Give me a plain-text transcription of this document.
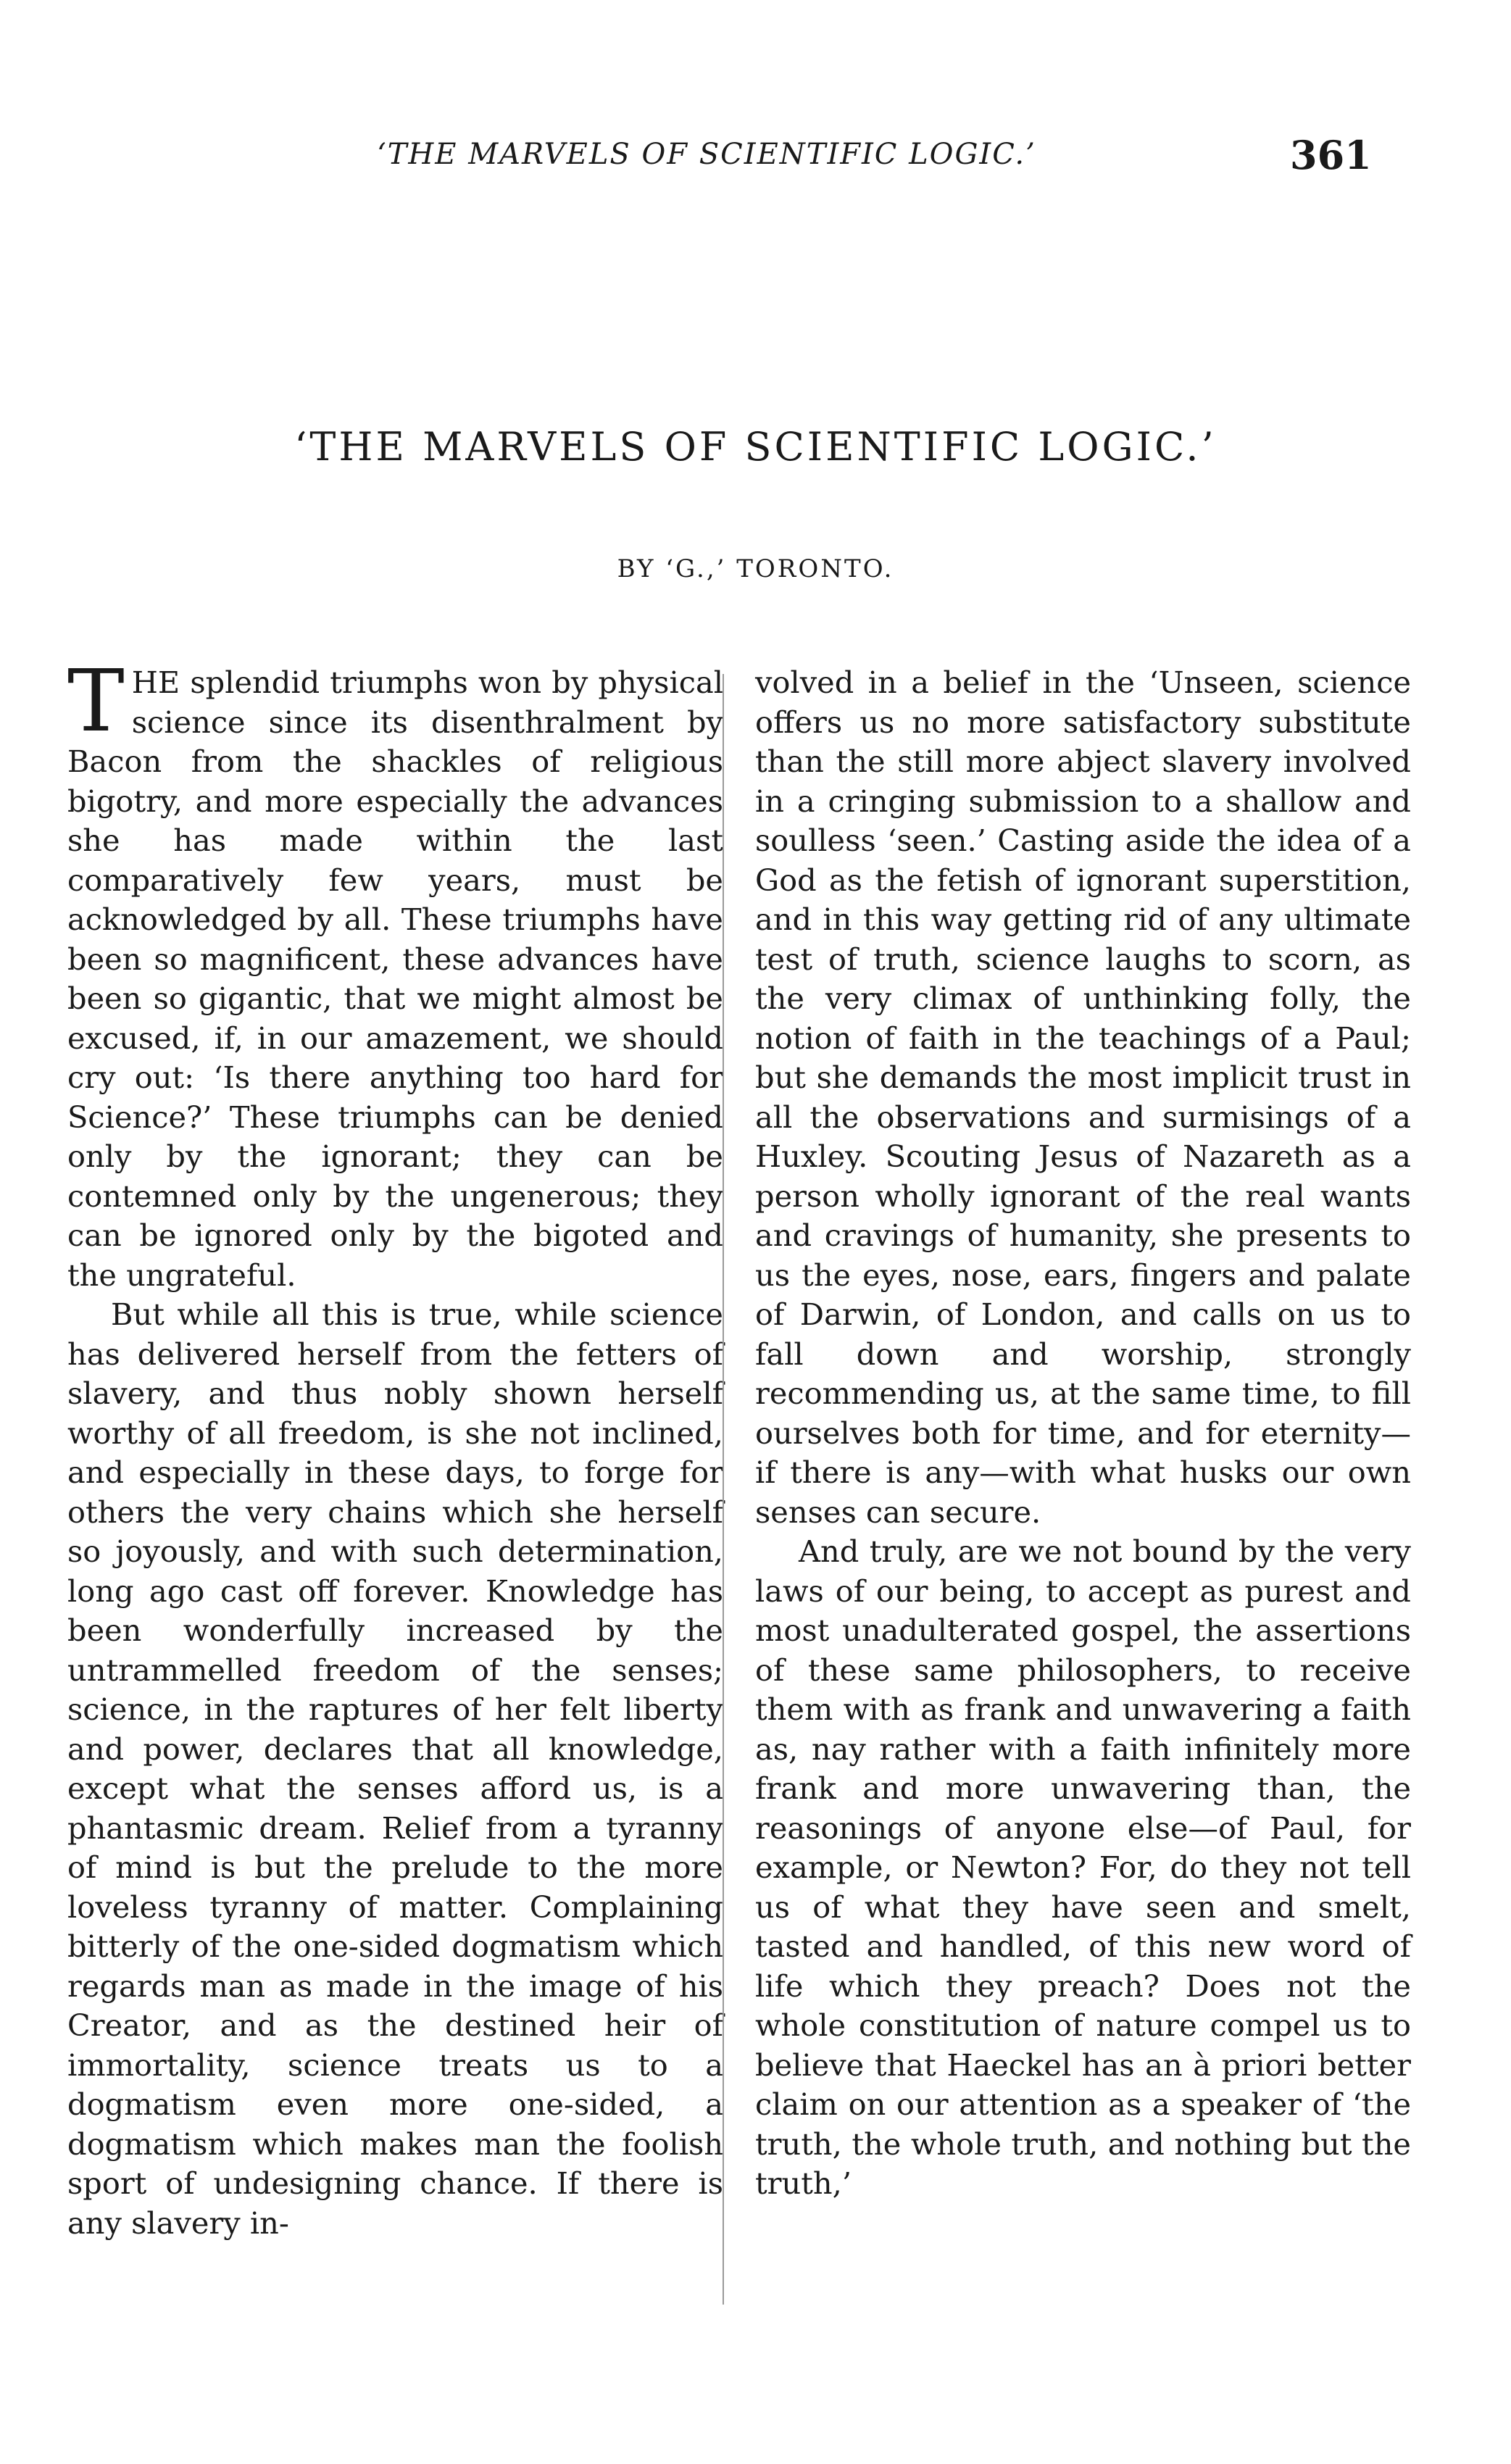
‘THE MARVELS OF SCIENTIFIC LOGIC.’	361
‘THE MARVELS OF SCIENTIFIC LOGIC.’
BY ‘G.,’ TORONTO.

THE splendid triumphs won by physical science since its disenthralment by Bacon from the shackles of religious bigotry, and more especially the advances she has made within the last comparatively few years, must be acknowledged by all. These triumphs have been so magnificent, these advances have been so gigantic, that we might almost be excused, if, in our amazement, we should cry out: ‘Is there anything too hard for Science?’ These triumphs can be denied only by the ignorant; they can be contemned only by the ungenerous; they can be ignored only by the bigoted and the ungrateful.

But while all this is true, while science has delivered herself from the fetters of slavery, and thus nobly shown herself worthy of all freedom, is she not inclined, and especially in these days, to forge for others the very chains which she herself so joyously, and with such determination, long ago cast off forever. Knowledge has been wonderfully increased by the untrammelled freedom of the senses; science, in the raptures of her felt liberty and power, declares that all knowledge, except what the senses afford us, is a phantasmic dream. Relief from a tyranny of mind is but the prelude to the more loveless tyranny of matter. Complaining bitterly of the one-sided dogmatism which regards man as made in the image of his Creator, and as the destined heir of immortality, science treats us to a dogmatism even more one-sided, a dogmatism which makes man the foolish sport of undesigning chance. If there is any slavery in-

volved in a belief in the ‘Unseen, science offers us no more satisfactory substitute than the still more abject slavery involved in a cringing submission to a shallow and soulless ‘seen.’ Casting aside the idea of a God as the fetish of ignorant superstition, and in this way getting rid of any ultimate test of truth, science laughs to scorn, as the very climax of unthinking folly, the notion of faith in the teachings of a Paul; but she demands the most implicit trust in all the observations and surmisings of a Huxley. Scouting Jesus of Nazareth as a person wholly ignorant of the real wants and cravings of humanity, she presents to us the eyes, nose, ears, fingers and palate of Darwin, of London, and calls on us to fall down and worship, strongly recommending us, at the same time, to fill ourselves both for time, and for eternity—if there is any—with what husks our own senses can secure.

And truly, are we not bound by the very laws of our being, to accept as purest and most unadulterated gospel, the assertions of these same philosophers, to receive them with as frank and unwavering a faith as, nay rather with a faith infinitely more frank and more unwavering than, the reasonings of anyone else—of Paul, for example, or Newton? For, do they not tell us of what they have seen and smelt, tasted and handled, of this new word of life which they preach? Does not the whole constitution of nature compel us to believe that Haeckel has an à priori better claim on our attention as a speaker of ‘the truth, the whole truth, and nothing but the truth,’
